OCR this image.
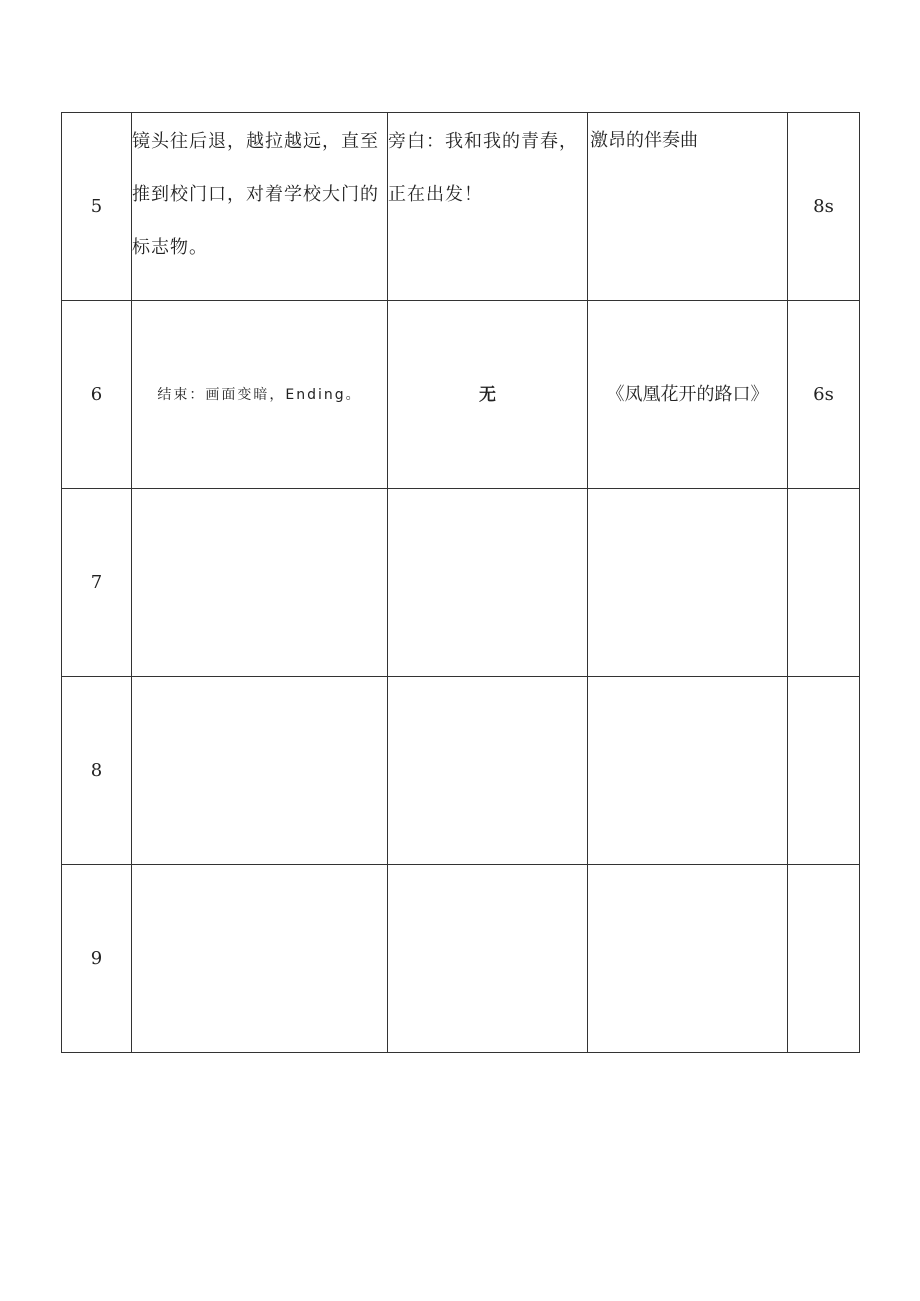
5	镜头往后退，越拉越远，直至推到校门口，对着学校大门的标志物。	旁白：我和我的青春，正在出发！	激昂的伴奏曲	8s
6	结束：画面变暗，Ending。	无	《凤凰花开的路口》	6s
7				
8				
9				
